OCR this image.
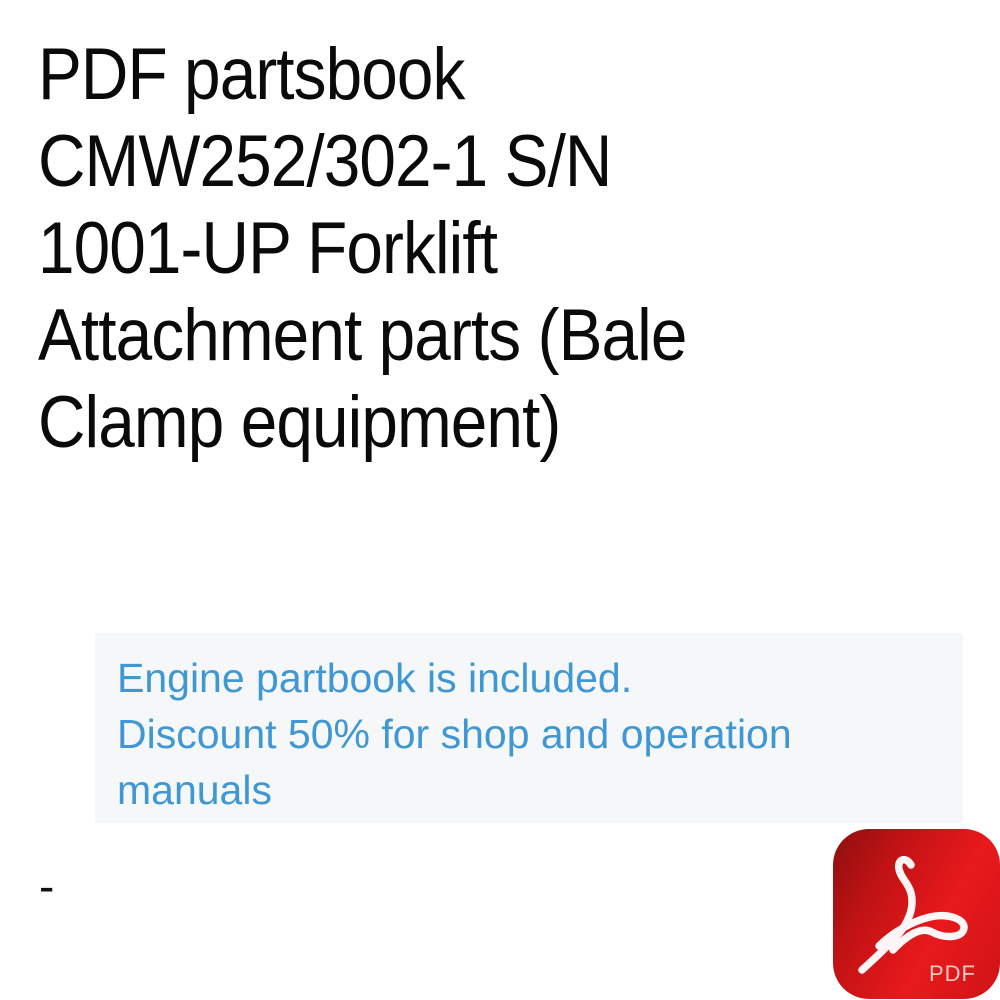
PDF partsbook
CMW252/302-1 S/N
1001-UP Forklift
Attachment parts (Bale
Clamp equipment)
Engine partbook is included.
Discount 50% for shop and operation
manuals
-
PDF
